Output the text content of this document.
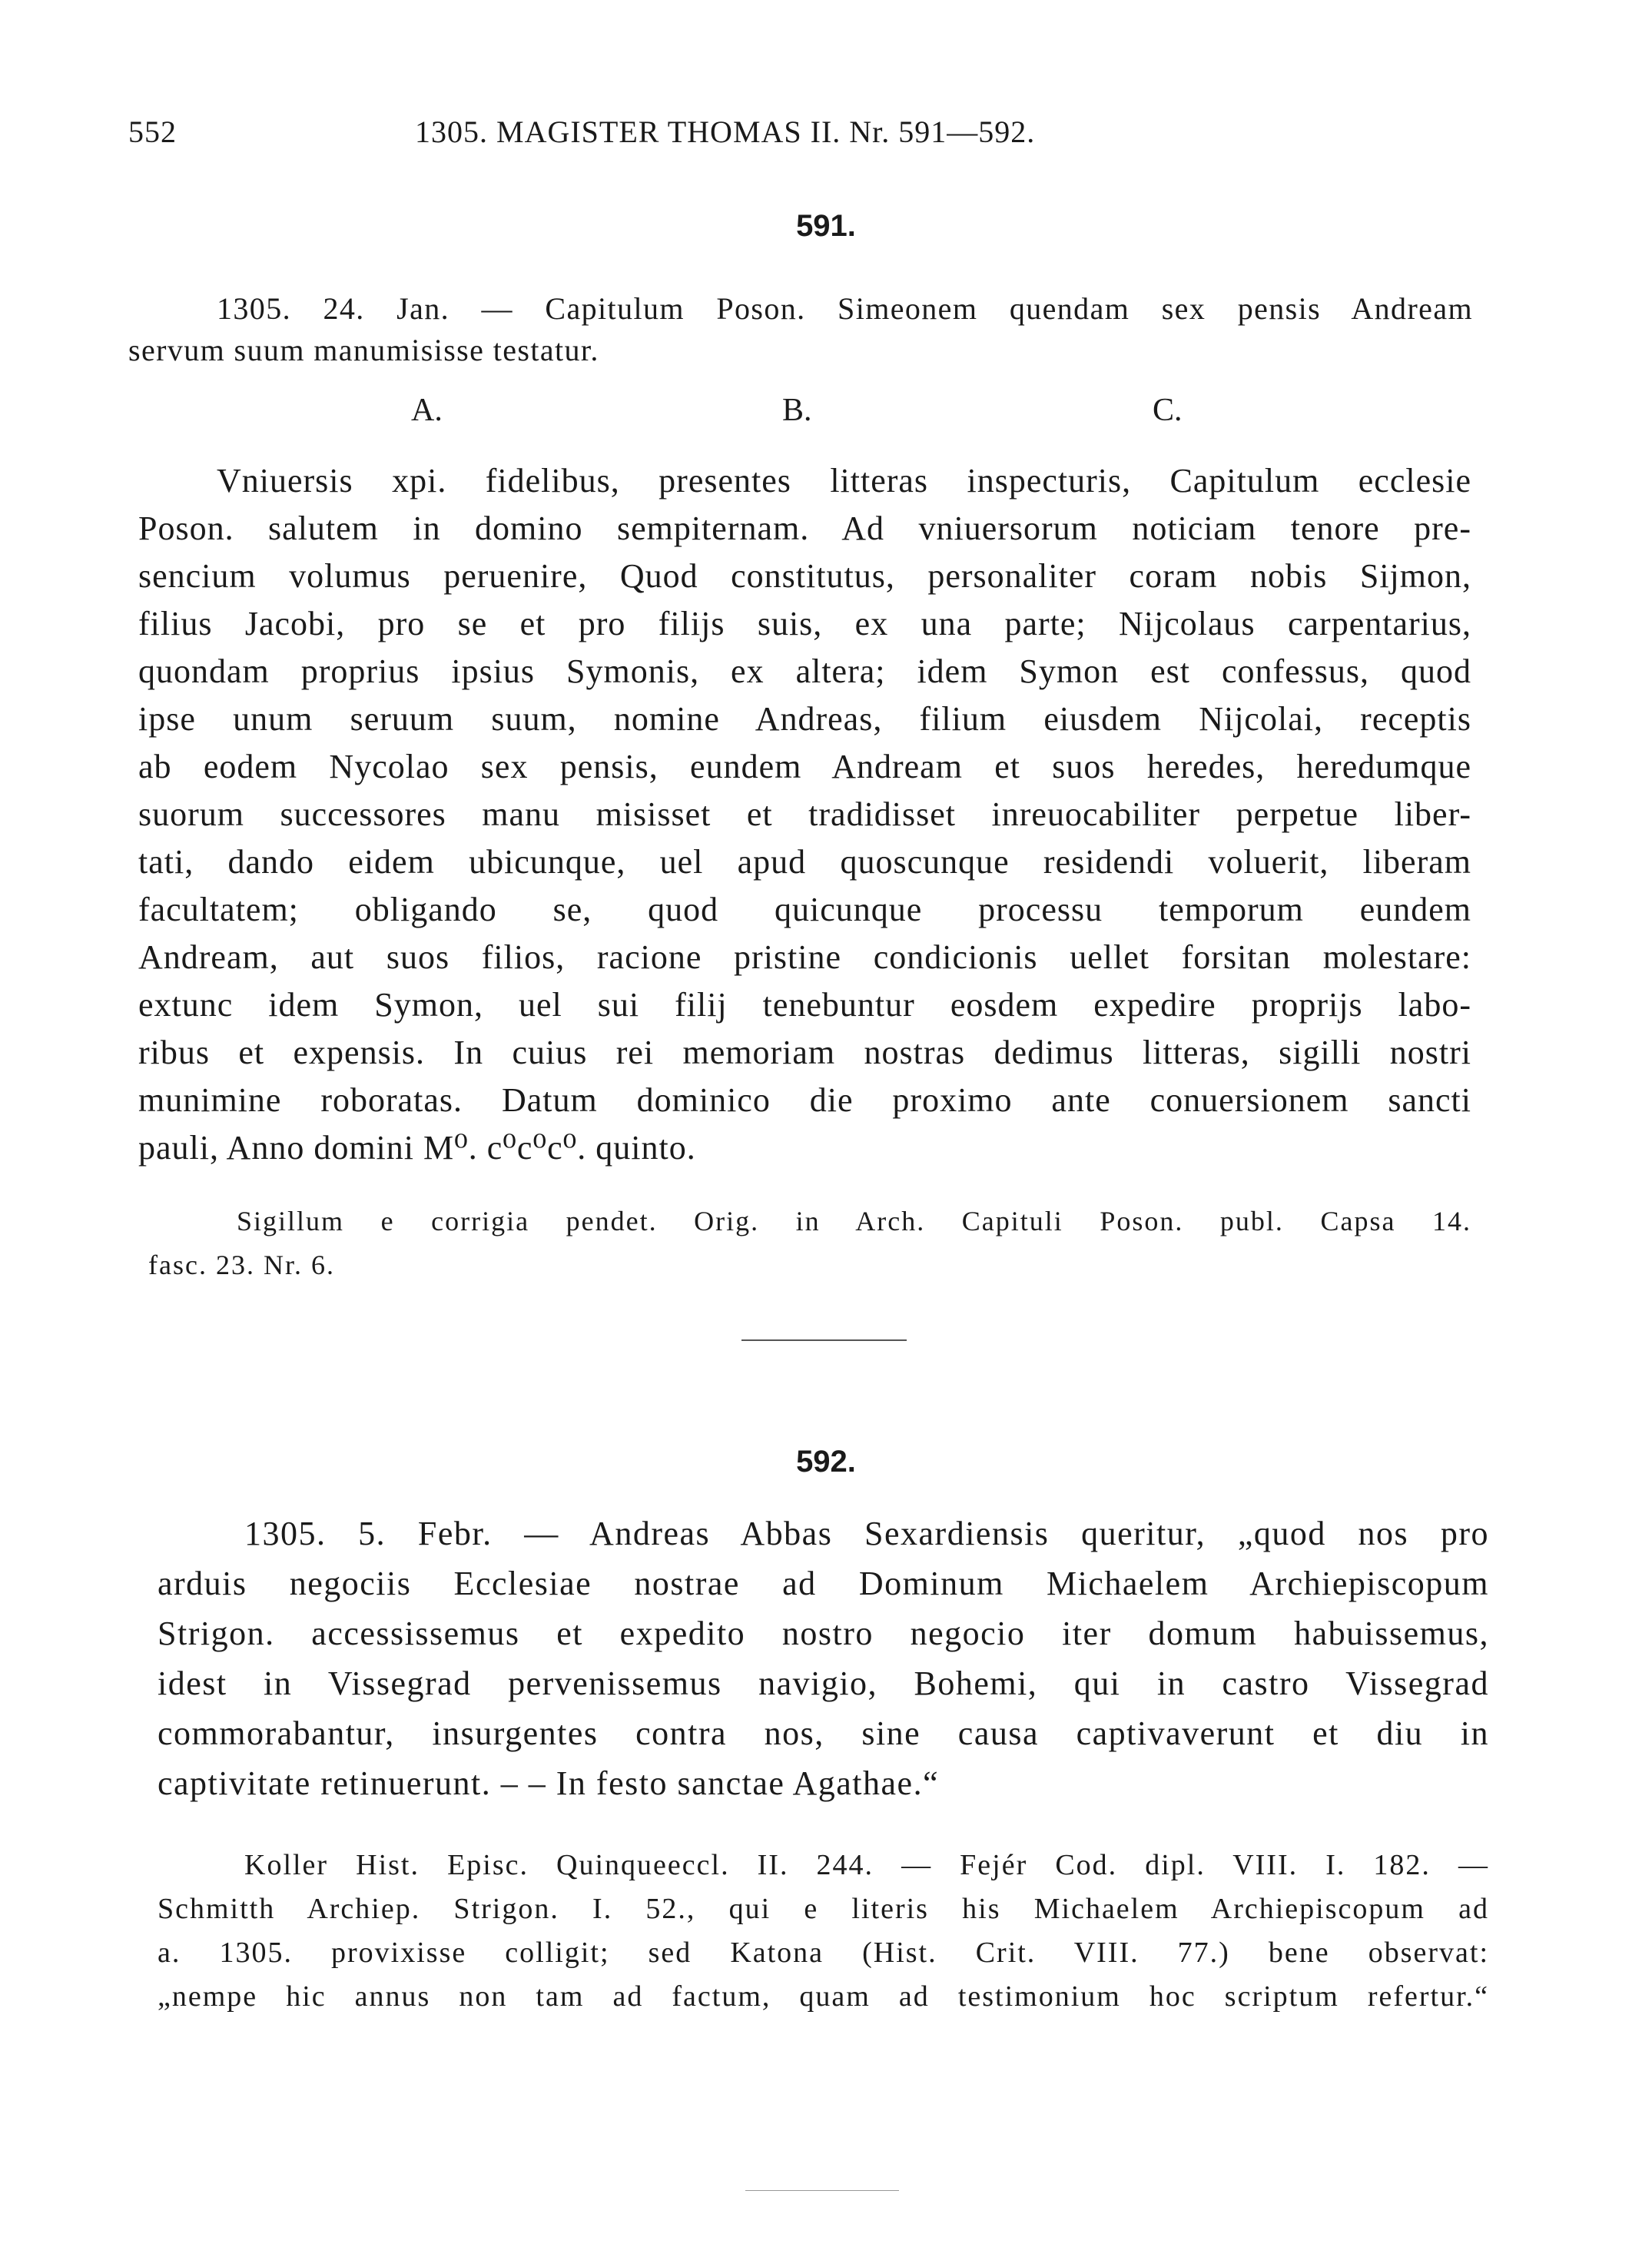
552	1305. MAGISTER THOMAS II. Nr. 591—592.
591.
1305. 24. Jan. — Capitulum Poson. Simeonem quendam sex pensis Andream
servum suum manumisisse testatur.
A.	B.	C.
Vniuersis xpi. fidelibus, presentes litteras inspecturis, Capitulum ecclesie
Poson. salutem in domino sempiternam. Ad vniuersorum noticiam tenore pre-
sencium volumus peruenire, Quod constitutus, personaliter coram nobis Sijmon,
filius Jacobi, pro se et pro filijs suis, ex una parte; Nijcolaus carpentarius,
quondam proprius ipsius Symonis, ex altera; idem Symon est confessus, quod
ipse unum seruum suum, nomine Andreas, filium eiusdem Nijcolai, receptis
ab eodem Nycolao sex pensis, eundem Andream et suos heredes, heredumque
suorum successores manu misisset et tradidisset inreuocabiliter perpetue liber-
tati, dando eidem ubicunque, uel apud quoscunque residendi voluerit, liberam
facultatem; obligando se, quod quicunque processu temporum eundem
Andream, aut suos filios, racione pristine condicionis uellet forsitan molestare:
extunc idem Symon, uel sui filij tenebuntur eosdem expedire proprijs labo-
ribus et expensis. In cuius rei memoriam nostras dedimus litteras, sigilli nostri
munimine roboratas. Datum dominico die proximo ante conuersionem sancti
pauli, Anno domini M⁰. c⁰c⁰c⁰. quinto.
Sigillum e corrigia pendet. Orig. in Arch. Capituli Poson. publ. Capsa 14.
fasc. 23. Nr. 6.
592.
1305. 5. Febr. — Andreas Abbas Sexardiensis queritur, „quod nos pro
arduis negociis Ecclesiae nostrae ad Dominum Michaelem Archiepiscopum
Strigon. accessissemus et expedito nostro negocio iter domum habuissemus,
idest in Vissegrad pervenissemus navigio, Bohemi, qui in castro Vissegrad
commorabantur, insurgentes contra nos, sine causa captivaverunt et diu in
captivitate retinuerunt. – – In festo sanctae Agathae.“
Koller Hist. Episc. Quinqueeccl. II. 244. — Fejér Cod. dipl. VIII. I. 182. —
Schmitth Archiep. Strigon. I. 52., qui e literis his Michaelem Archiepiscopum ad
a. 1305. provixisse colligit; sed Katona (Hist. Crit. VIII. 77.) bene observat:
„nempe hic annus non tam ad factum, quam ad testimonium hoc scriptum refertur.“
